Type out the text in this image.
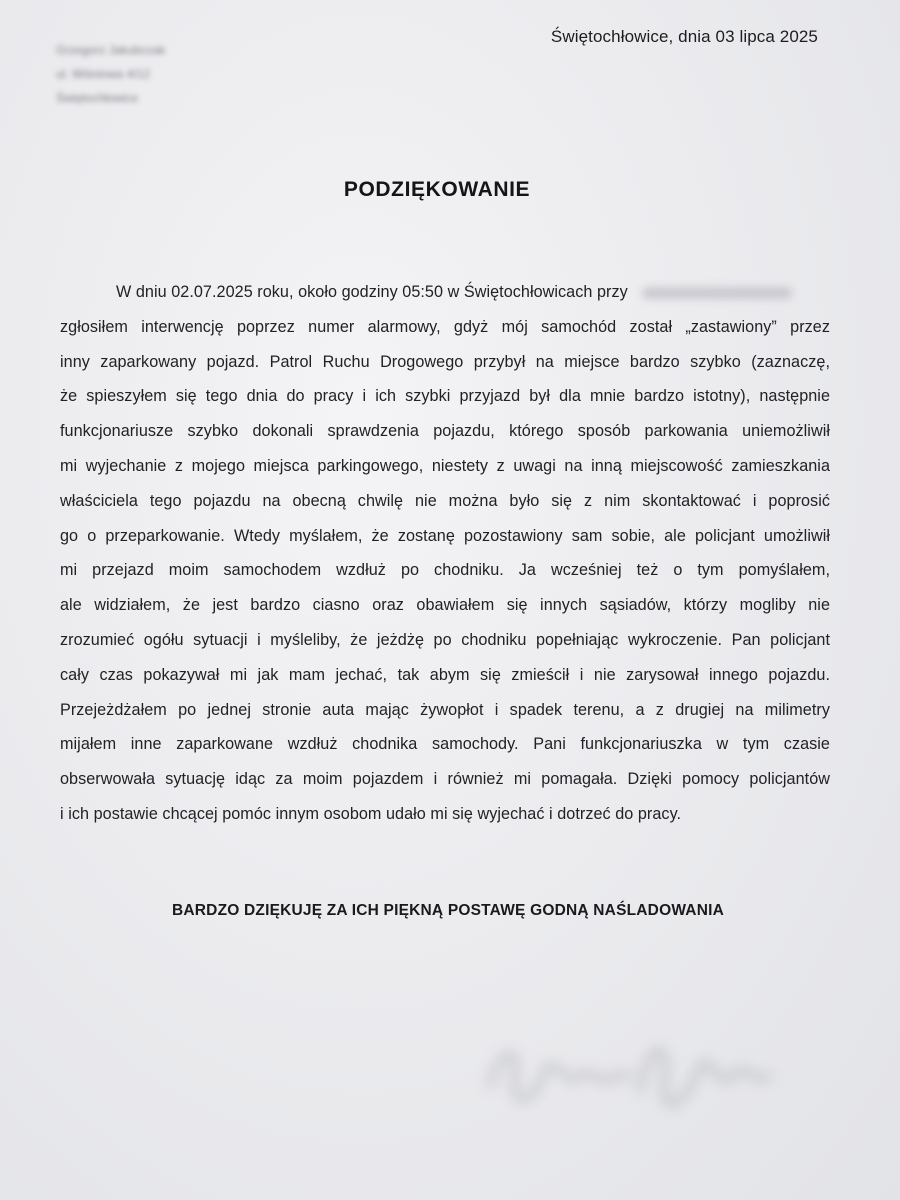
Grzegorz Jakubczak
ul. Wiśniowa 4/12
Świętochłowice
Świętochłowice, dnia 03 lipca 2025
PODZIĘKOWANIE
W dniu 02.07.2025 roku, około godziny 05:50 w Świętochłowicach przy
zgłosiłem interwencję poprzez numer alarmowy, gdyż mój samochód został „zastawiony” przez
inny zaparkowany pojazd. Patrol Ruchu Drogowego przybył na miejsce bardzo szybko (zaznaczę,
że spieszyłem się tego dnia do pracy i ich szybki przyjazd był dla mnie bardzo istotny), następnie
funkcjonariusze szybko dokonali sprawdzenia pojazdu, którego sposób parkowania uniemożliwił
mi wyjechanie z mojego miejsca parkingowego, niestety z uwagi na inną miejscowość zamieszkania
właściciela tego pojazdu na obecną chwilę nie można było się z nim skontaktować i poprosić
go o przeparkowanie. Wtedy myślałem, że zostanę pozostawiony sam sobie, ale policjant umożliwił
mi przejazd moim samochodem wzdłuż po chodniku. Ja wcześniej też o tym pomyślałem,
ale widziałem, że jest bardzo ciasno oraz obawiałem się innych sąsiadów, którzy mogliby nie
zrozumieć ogółu sytuacji i myśleliby, że jeżdżę po chodniku popełniając wykroczenie. Pan policjant
cały czas pokazywał mi jak mam jechać, tak abym się zmieścił i nie zarysował innego pojazdu.
Przejeżdżałem po jednej stronie auta mając żywopłot i spadek terenu, a z drugiej na milimetry
mijałem inne zaparkowane wzdłuż chodnika samochody. Pani funkcjonariuszka w tym czasie
obserwowała sytuację idąc za moim pojazdem i również mi pomagała. Dzięki pomocy policjantów
i ich postawie chcącej pomóc innym osobom udało mi się wyjechać i dotrzeć do pracy.
BARDZO DZIĘKUJĘ ZA ICH PIĘKNĄ POSTAWĘ GODNĄ NAŚLADOWANIA
